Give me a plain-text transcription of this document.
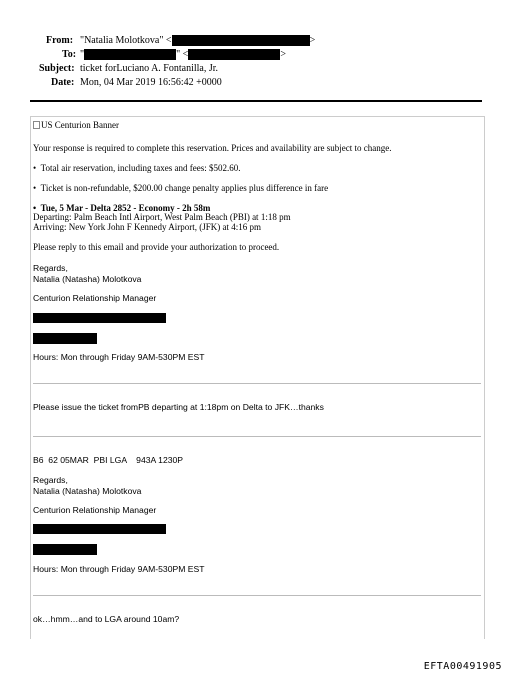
From: "Natalia Molotkova" <	>
To: "	" <	>
Subject: ticket forLuciano A. Fontanilla, Jr.
Date: Mon, 04 Mar 2019 16:56:42 +0000
US Centurion Banner
Your response is required to complete this reservation. Prices and availability are subject to change.
• Total air reservation, including taxes and fees: $502.60.
• Ticket is non-refundable, $200.00 change penalty applies plus difference in fare
• Tue, 5 Mar - Delta 2852 - Economy - 2h 58m
Departing: Palm Beach Intl Airport, West Palm Beach (PBI) at 1:18 pm
Arriving: New York John F Kennedy Airport, (JFK) at 4:16 pm
Please reply to this email and provide your authorization to proceed.
Regards,
Natalia (Natasha) Molotkova
Centurion Relationship Manager
Hours: Mon through Friday 9AM-530PM EST
Please issue the ticket fromPB departing at 1:18pm on Delta to JFK…thanks
B6  62 05MAR  PBI LGA    943A 1230P
Regards,
Natalia (Natasha) Molotkova
Centurion Relationship Manager
Hours: Mon through Friday 9AM-530PM EST
ok…hmm…and to LGA around 10am?
EFTA00491905
